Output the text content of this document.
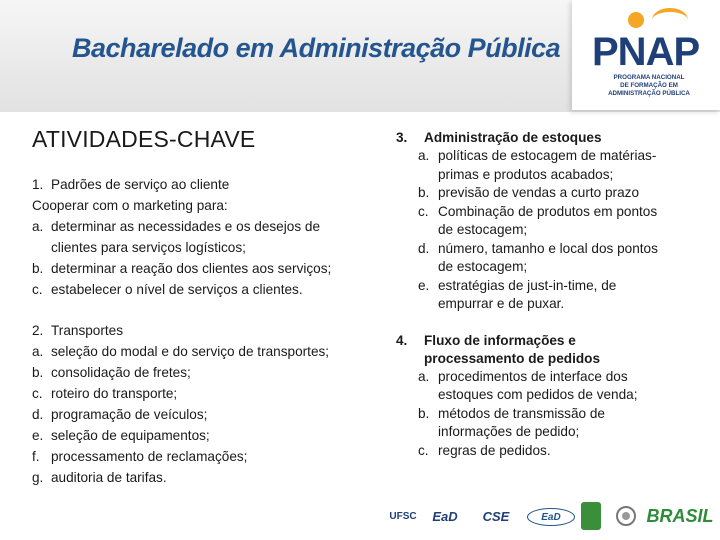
Bacharelado em Administração Pública PNAP
PROGRAMA NACIONAL
DE FORMAÇÃO EM
ADMINISTRAÇÃO PÚBLICA
ATIVIDADES-CHAVE
1. Padrões de serviço ao cliente
Cooperar com o marketing para:
a. determinar as necessidades e os desejos de
clientes para serviços logísticos;
b. determinar a reação dos clientes aos serviços;
c. estabelecer o nível de serviços a clientes.
2. Transportes
a. seleção do modal e do serviço de transportes;
b. consolidação de fretes;
c. roteiro do transporte;
d. programação de veículos;
e. seleção de equipamentos;
f. processamento de reclamações;
g. auditoria de tarifas.
3. Administração de estoques
a. políticas de estocagem de matérias-
primas e produtos acabados;
b. previsão de vendas a curto prazo
c. Combinação de produtos em pontos
de estocagem;
d. número, tamanho e local dos pontos
de estocagem;
e. estratégias de just-in-time, de
empurrar e de puxar.
4. Fluxo de informações e
processamento de pedidos
a. procedimentos de interface dos
estoques com pedidos de venda;
b. métodos de transmissão de
informações de pedido;
c. regras de pedidos.
UFSC	EaD	CSE	EaD	BRASIL
